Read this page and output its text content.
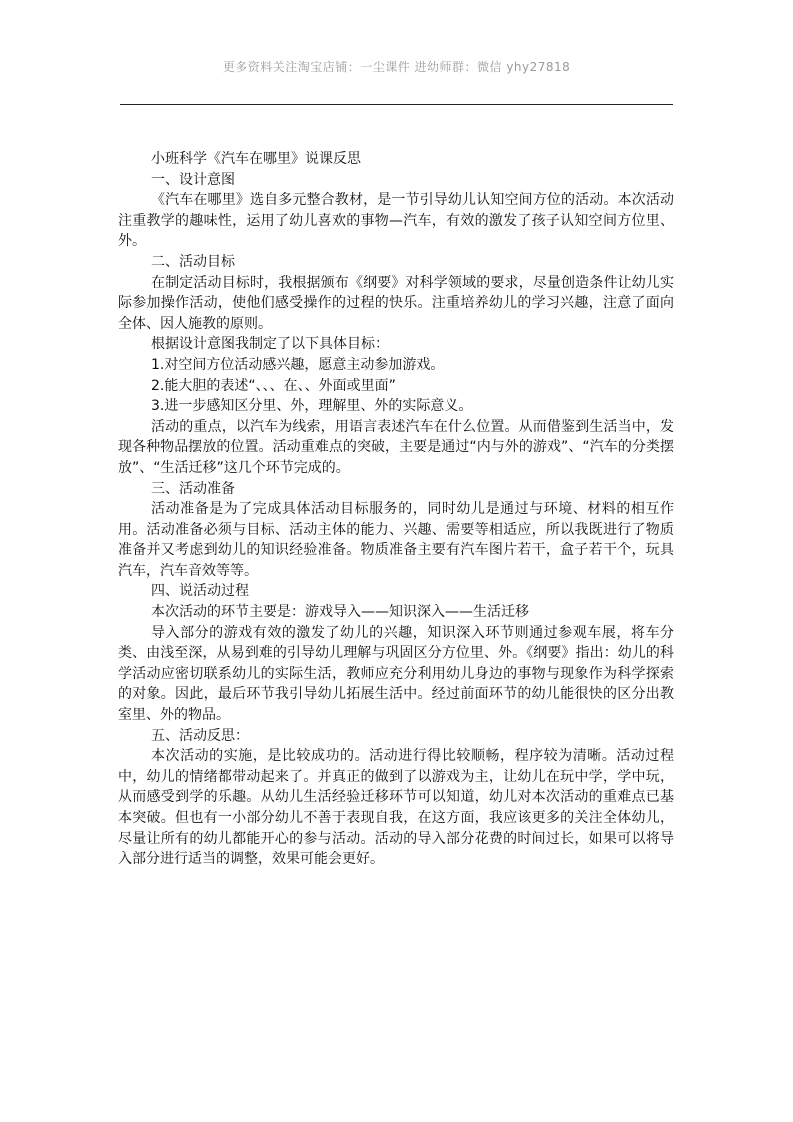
更多资料关注淘宝店铺：一尘课件 进幼师群：微信 yhy27818

小班科学《汽车在哪里》说课反思

一、设计意图

《汽车在哪里》选自多元整合教材，是一节引导幼儿认知空间方位的活动。本次活动注重教学的趣味性，运用了幼儿喜欢的事物—汽车，有效的激发了孩子认知空间方位里、外。

二、活动目标

在制定活动目标时，我根据颁布《纲要》对科学领域的要求，尽量创造条件让幼儿实际参加操作活动，使他们感受操作的过程的快乐。注重培养幼儿的学习兴趣，注意了面向全体、因人施教的原则。

根据设计意图我制定了以下具体目标：

1.对空间方位活动感兴趣，愿意主动参加游戏。

2.能大胆的表述“、、、在、、外面或里面”

3.进一步感知区分里、外，理解里、外的实际意义。

活动的重点，以汽车为线索，用语言表述汽车在什么位置。从而借鉴到生活当中，发现各种物品摆放的位置。活动重难点的突破，主要是通过“内与外的游戏”、“汽车的分类摆放”、“生活迁移”这几个环节完成的。

三、活动准备

活动准备是为了完成具体活动目标服务的，同时幼儿是通过与环境、材料的相互作用。活动准备必须与目标、活动主体的能力、兴趣、需要等相适应，所以我既进行了物质准备并又考虑到幼儿的知识经验准备。物质准备主要有汽车图片若干，盒子若干个，玩具汽车，汽车音效等等。

四、说活动过程

本次活动的环节主要是：游戏导入——知识深入——生活迁移

导入部分的游戏有效的激发了幼儿的兴趣，知识深入环节则通过参观车展，将车分类、由浅至深，从易到难的引导幼儿理解与巩固区分方位里、外。《纲要》指出：幼儿的科学活动应密切联系幼儿的实际生活，教师应充分利用幼儿身边的事物与现象作为科学探索的对象。因此，最后环节我引导幼儿拓展生活中。经过前面环节的幼儿能很快的区分出教室里、外的物品。

五、活动反思：

本次活动的实施，是比较成功的。活动进行得比较顺畅，程序较为清晰。活动过程中，幼儿的情绪都带动起来了。并真正的做到了以游戏为主，让幼儿在玩中学，学中玩，从而感受到学的乐趣。从幼儿生活经验迁移环节可以知道，幼儿对本次活动的重难点已基本突破。但也有一小部分幼儿不善于表现自我，在这方面，我应该更多的关注全体幼儿，尽量让所有的幼儿都能开心的参与活动。活动的导入部分花费的时间过长，如果可以将导入部分进行适当的调整，效果可能会更好。
